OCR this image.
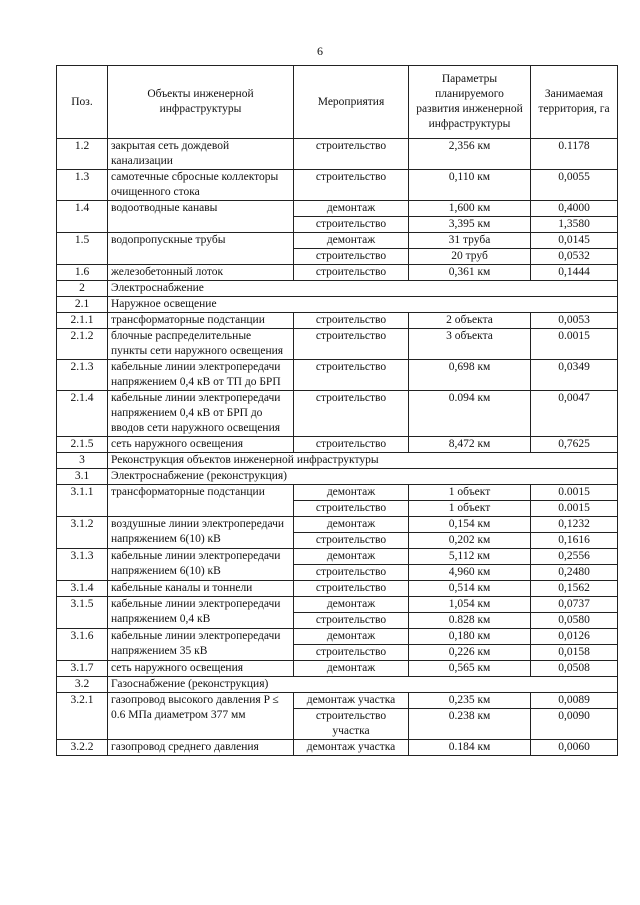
6
Поз.	Объекты инженерной инфраструктуры	Мероприятия	Параметры планируемого развития инженерной инфраструктуры	Занимаемая территория, га
1.2	закрытая сеть дождевой канализации	строительство	2,356 км	0.1178
1.3	самотечные сбросные коллекторы очищенного стока	строительство	0,110 км	0,0055
1.4	водоотводные канавы	демонтаж	1,600 км	0,4000
		строительство	3,395 км	1,3580
1.5	водопропускные трубы	демонтаж	31 труба	0,0145
		строительство	20 труб	0,0532
1.6	железобетонный лоток	строительство	0,361 км	0,1444
2	Электроснабжение			
2.1	Наружное освещение			
2.1.1	трансформаторные подстанции	строительство	2 объекта	0,0053
2.1.2	блочные распределительные пункты сети наружного освещения	строительство	3 объекта	0.0015
2.1.3	кабельные линии электропередачи напряжением 0,4 кВ от ТП до БРП	строительство	0,698 км	0,0349
2.1.4	кабельные линии электропередачи напряжением 0,4 кВ от БРП до вводов сети наружного освещения	строительство	0.094 км	0,0047
2.1.5	сеть наружного освещения	строительство	8,472 км	0,7625
3	Реконструкция объектов инженерной инфраструктуры			
3.1	Электроснабжение (реконструкция)			
3.1.1	трансформаторные подстанции	демонтаж	1 объект	0.0015
		строительство	1 объект	0.0015
3.1.2	воздушные линии электропередачи напряжением 6(10) кВ	демонтаж	0,154 км	0,1232
		строительство	0,202 км	0,1616
3.1.3	кабельные линии электропередачи напряжением 6(10) кВ	демонтаж	5,112 км	0,2556
		строительство	4,960 км	0,2480
3.1.4	кабельные каналы и тоннели	строительство	0,514 км	0,1562
3.1.5	кабельные линии электропередачи напряжением 0,4 кВ	демонтаж	1,054 км	0,0737
		строительство	0.828 км	0,0580
3.1.6	кабельные линии электропередачи напряжением 35 кВ	демонтаж	0,180 км	0,0126
		строительство	0,226 км	0,0158
3.1.7	сеть наружного освещения	демонтаж	0,565 км	0,0508
3.2	Газоснабжение (реконструкция)			
3.2.1	газопровод высокого давления P ≤ 0.6 МПа диаметром 377 мм	демонтаж участка	0,235 км	0,0089
		строительство участка	0.238 км	0,0090
3.2.2	газопровод среднего давления	демонтаж участка	0.184 км	0,0060
